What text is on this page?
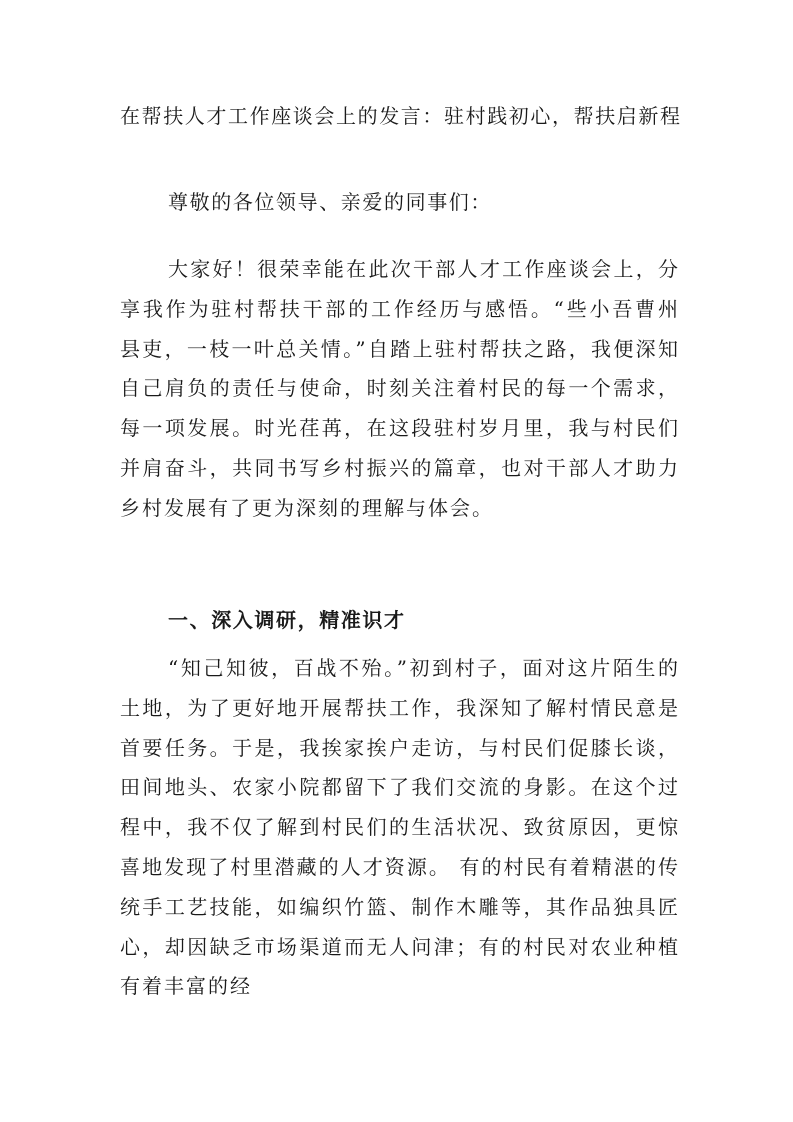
在帮扶人才工作座谈会上的发言：驻村践初心，帮扶启新程

尊敬的各位领导、亲爱的同事们：

大家好！很荣幸能在此次干部人才工作座谈会上，分享我作为驻村帮扶干部的工作经历与感悟。“些小吾曹州县吏，一枝一叶总关情。”自踏上驻村帮扶之路，我便深知自己肩负的责任与使命，时刻关注着村民的每一个需求，每一项发展。时光荏苒，在这段驻村岁月里，我与村民们并肩奋斗，共同书写乡村振兴的篇章，也对干部人才助力乡村发展有了更为深刻的理解与体会。

一、深入调研，精准识才

“知己知彼，百战不殆。”初到村子，面对这片陌生的土地，为了更好地开展帮扶工作，我深知了解村情民意是首要任务。于是，我挨家挨户走访，与村民们促膝长谈，田间地头、农家小院都留下了我们交流的身影。在这个过程中，我不仅了解到村民们的生活状况、致贫原因，更惊喜地发现了村里潜藏的人才资源。 有的村民有着精湛的传统手工艺技能，如编织竹篮、制作木雕等，其作品独具匠心，却因缺乏市场渠道而无人问津；有的村民对农业种植有着丰富的经
